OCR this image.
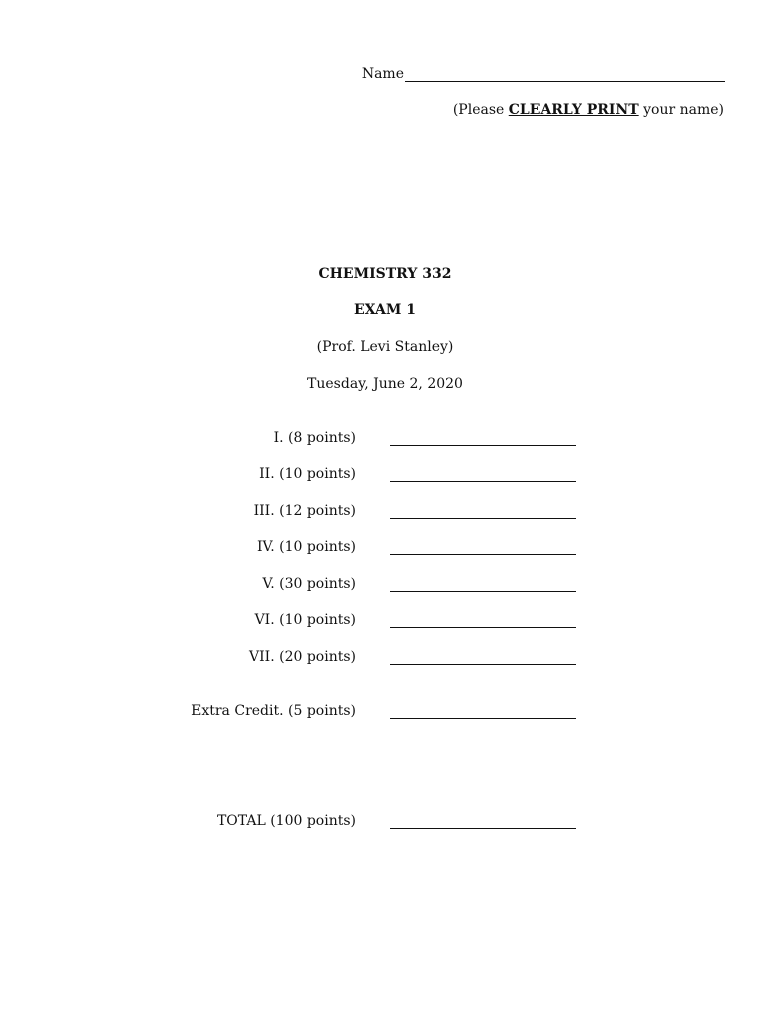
Name
(Please CLEARLY PRINT your name)
CHEMISTRY 332
EXAM 1
(Prof. Levi Stanley)
Tuesday, June 2, 2020
I. (8 points)
II. (10 points)
III. (12 points)
IV. (10 points)
V. (30 points)
VI. (10 points)
VII. (20 points)
Extra Credit. (5 points)
TOTAL (100 points)
